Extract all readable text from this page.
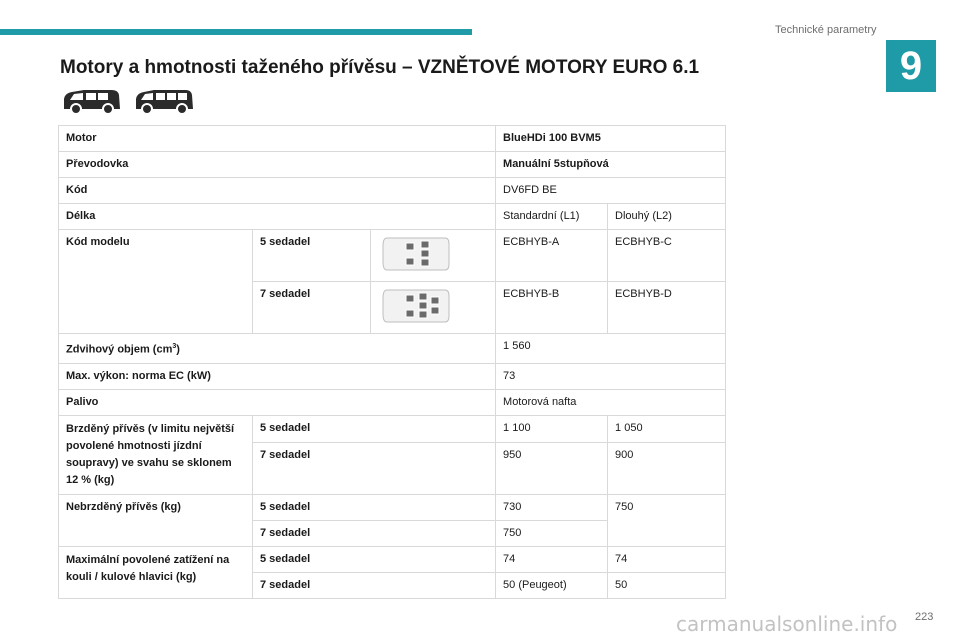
Technické parametry
9
Motory a hmotnosti taženého přívěsu – VZNĚTOVÉ MOTORY EURO 6.1
Motor			BlueHDi 100 BVM5	
Převodovka			Manuální 5stupňová	
Kód			DV6FD BE	
Délka			Standardní (L1)	Dlouhý (L2)
Kód modelu	5 sedadel		ECBHYB-A	ECBHYB-C
	7 sedadel		ECBHYB-B	ECBHYB-D
Zdvihový objem $(cm^3)$			1 560	
Max. výkon: norma EC (kW)			73	
Palivo			Motorová nafta	
Brzděný přívěs (v limitu největší povolené hmotnosti jízdní soupravy) ve svahu se sklonem 12 % (kg)	5 sedadel		1 100	1 050
	7 sedadel		950	900
Nebrzděný přívěs (kg)	5 sedadel		730	750
	7 sedadel		750	
Maximální povolené zatížení na kouli / kulové hlavici (kg)	5 sedadel		74	74
	7 sedadel		50 (Peugeot)	50
carmanualsonline.info 223
